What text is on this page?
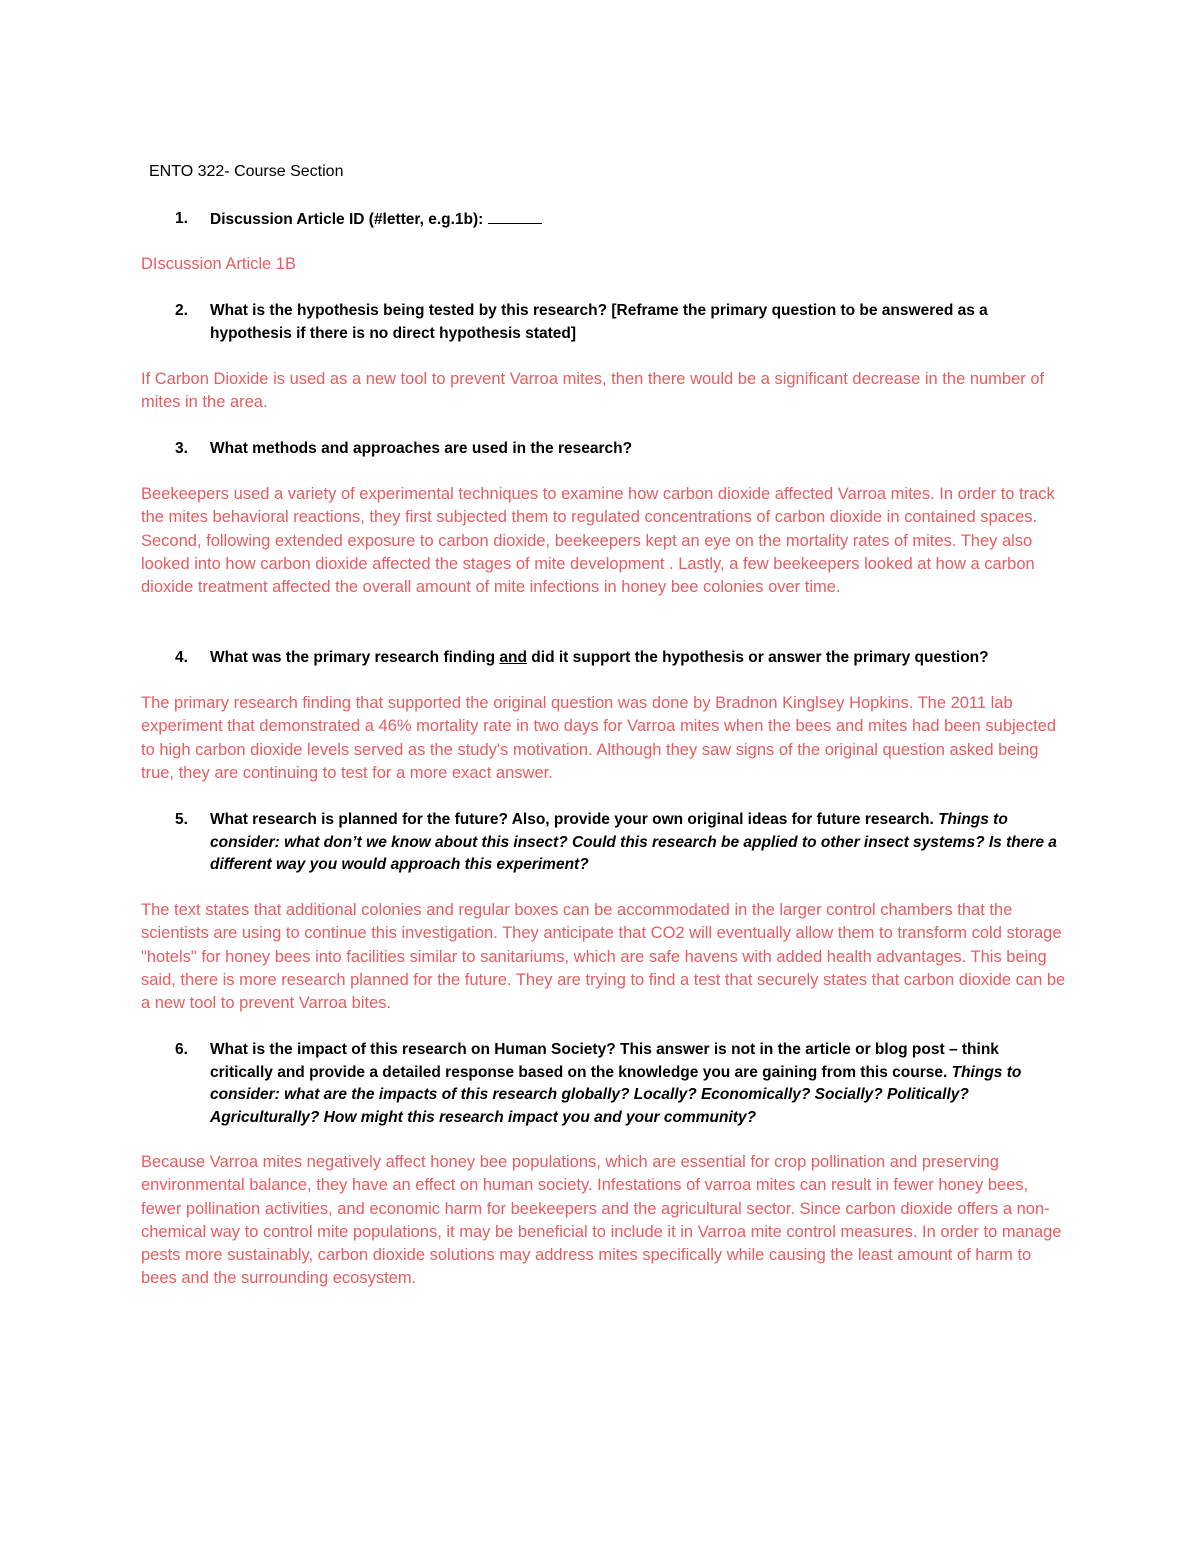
ENTO 322- Course Section
1. Discussion Article ID (#letter, e.g.1b):
DIscussion Article 1B
2. What is the hypothesis being tested by this research? [Reframe the primary question to be answered as a hypothesis if there is no direct hypothesis stated]
If Carbon Dioxide is used as a new tool to prevent Varroa mites, then there would be a significant decrease in the number of mites in the area.
3. What methods and approaches are used in the research?
Beekeepers used a variety of experimental techniques to examine how carbon dioxide affected Varroa mites. In order to track the mites behavioral reactions, they first subjected them to regulated concentrations of carbon dioxide in contained spaces. Second, following extended exposure to carbon dioxide, beekeepers kept an eye on the mortality rates of mites. They also looked into how carbon dioxide affected the stages of mite development . Lastly, a few beekeepers looked at how a carbon dioxide treatment affected the overall amount of mite infections in honey bee colonies over time.
4. What was the primary research finding and did it support the hypothesis or answer the primary question?
The primary research finding that supported the original question was done by Bradnon Kinglsey Hopkins. The 2011 lab experiment that demonstrated a 46% mortality rate in two days for Varroa mites when the bees and mites had been subjected to high carbon dioxide levels served as the study's motivation. Although they saw signs of the original question asked being true, they are continuing to test for a more exact answer.
5. What research is planned for the future? Also, provide your own original ideas for future research. Things to consider: what don’t we know about this insect? Could this research be applied to other insect systems? Is there a different way you would approach this experiment?
The text states that additional colonies and regular boxes can be accommodated in the larger control chambers that the scientists are using to continue this investigation. They anticipate that CO2 will eventually allow them to transform cold storage "hotels" for honey bees into facilities similar to sanitariums, which are safe havens with added health advantages. This being said, there is more research planned for the future. They are trying to find a test that securely states that carbon dioxide can be a new tool to prevent Varroa bites.
6. What is the impact of this research on Human Society? This answer is not in the article or blog post – think critically and provide a detailed response based on the knowledge you are gaining from this course. Things to consider: what are the impacts of this research globally? Locally? Economically? Socially? Politically? Agriculturally? How might this research impact you and your community?
Because Varroa mites negatively affect honey bee populations, which are essential for crop pollination and preserving environmental balance, they have an effect on human society. Infestations of varroa mites can result in fewer honey bees, fewer pollination activities, and economic harm for beekeepers and the agricultural sector. Since carbon dioxide offers a non-chemical way to control mite populations, it may be beneficial to include it in Varroa mite control measures. In order to manage pests more sustainably, carbon dioxide solutions may address mites specifically while causing the least amount of harm to bees and the surrounding ecosystem.
